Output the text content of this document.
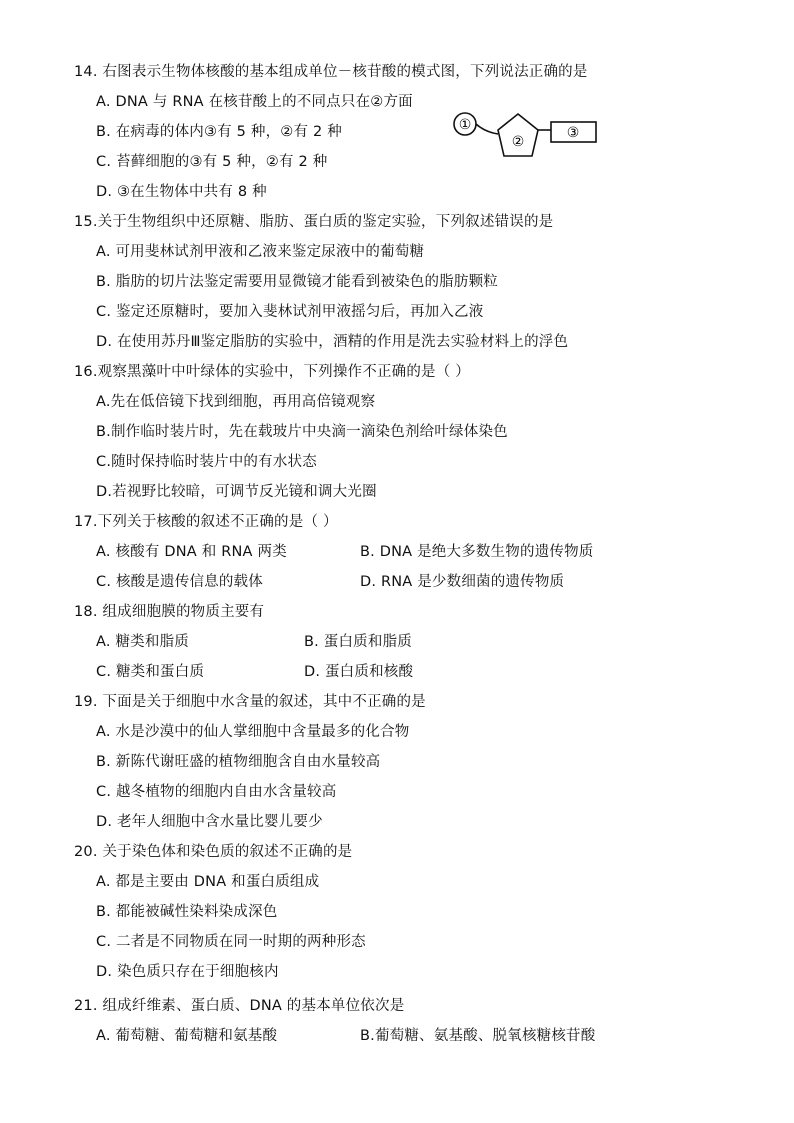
14. 右图表示生物体核酸的基本组成单位－核苷酸的模式图，下列说法正确的是
A. DNA 与 RNA 在核苷酸上的不同点只在②方面
B. 在病毒的体内③有 5 种，②有 2 种
C. 苔藓细胞的③有 5 种，②有 2 种
D. ③在生物体中共有 8 种
①
②
③
15.关于生物组织中还原糖、脂肪、蛋白质的鉴定实验，下列叙述错误的是
A. 可用斐林试剂甲液和乙液来鉴定尿液中的葡萄糖
B. 脂肪的切片法鉴定需要用显微镜才能看到被染色的脂肪颗粒
C. 鉴定还原糖时，要加入斐林试剂甲液摇匀后，再加入乙液
D. 在使用苏丹Ⅲ鉴定脂肪的实验中，酒精的作用是洗去实验材料上的浮色
16.观察黑藻叶中叶绿体的实验中，下列操作不正确的是（ ）
A.先在低倍镜下找到细胞，再用高倍镜观察
B.制作临时装片时，先在载玻片中央滴一滴染色剂给叶绿体染色
C.随时保持临时装片中的有水状态
D.若视野比较暗，可调节反光镜和调大光圈
17.下列关于核酸的叙述不正确的是（ ）
A. 核酸有 DNA 和 RNA 两类	B. DNA 是绝大多数生物的遗传物质
C. 核酸是遗传信息的载体	D. RNA 是少数细菌的遗传物质
18. 组成细胞膜的物质主要有
A. 糖类和脂质	B. 蛋白质和脂质
C. 糖类和蛋白质	D. 蛋白质和核酸
19. 下面是关于细胞中水含量的叙述，其中不正确的是
A. 水是沙漠中的仙人掌细胞中含量最多的化合物
B. 新陈代谢旺盛的植物细胞含自由水量较高
C. 越冬植物的细胞内自由水含量较高
D. 老年人细胞中含水量比婴儿要少
20. 关于染色体和染色质的叙述不正确的是
A. 都是主要由 DNA 和蛋白质组成
B. 都能被碱性染料染成深色
C. 二者是不同物质在同一时期的两种形态
D. 染色质只存在于细胞核内
21. 组成纤维素、蛋白质、DNA 的基本单位依次是
A. 葡萄糖、葡萄糖和氨基酸	B.葡萄糖、氨基酸、脱氧核糖核苷酸
